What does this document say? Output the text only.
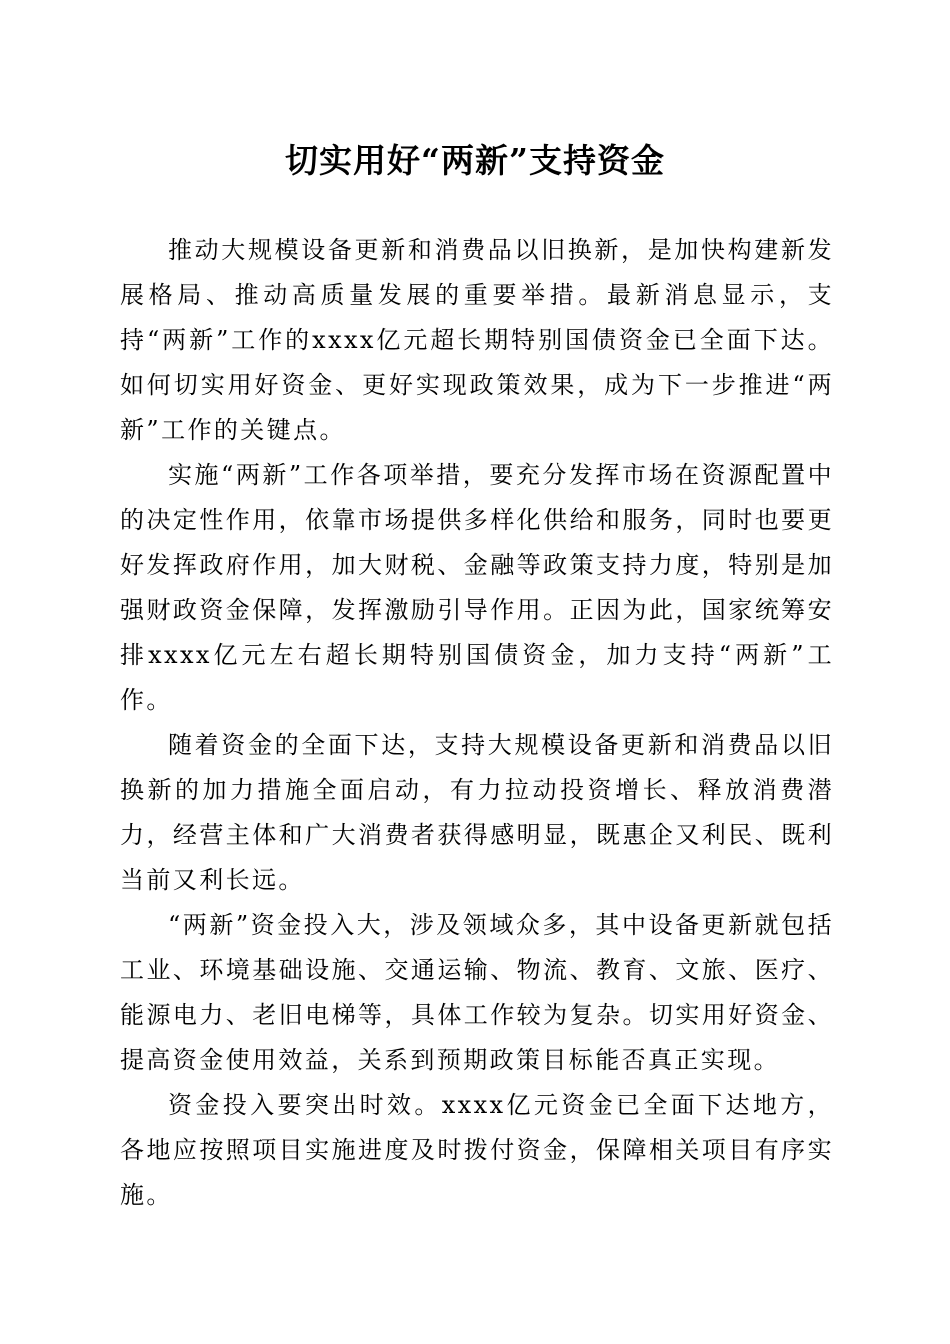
切实用好“两新”支持资金

推动大规模设备更新和消费品以旧换新，是加快构建新发展格局、推动高质量发展的重要举措。最新消息显示，支持“两新”工作的xxxx亿元超长期特别国债资金已全面下达。如何切实用好资金、更好实现政策效果，成为下一步推进“两新”工作的关键点。

实施“两新”工作各项举措，要充分发挥市场在资源配置中的决定性作用，依靠市场提供多样化供给和服务，同时也要更好发挥政府作用，加大财税、金融等政策支持力度，特别是加强财政资金保障，发挥激励引导作用。正因为此，国家统筹安排xxxx亿元左右超长期特别国债资金，加力支持“两新”工作。

随着资金的全面下达，支持大规模设备更新和消费品以旧换新的加力措施全面启动，有力拉动投资增长、释放消费潜力，经营主体和广大消费者获得感明显，既惠企又利民、既利当前又利长远。

“两新”资金投入大，涉及领域众多，其中设备更新就包括工业、环境基础设施、交通运输、物流、教育、文旅、医疗、能源电力、老旧电梯等，具体工作较为复杂。切实用好资金、提高资金使用效益，关系到预期政策目标能否真正实现。

资金投入要突出时效。xxxx亿元资金已全面下达地方，各地应按照项目实施进度及时拨付资金，保障相关项目有序实施。
